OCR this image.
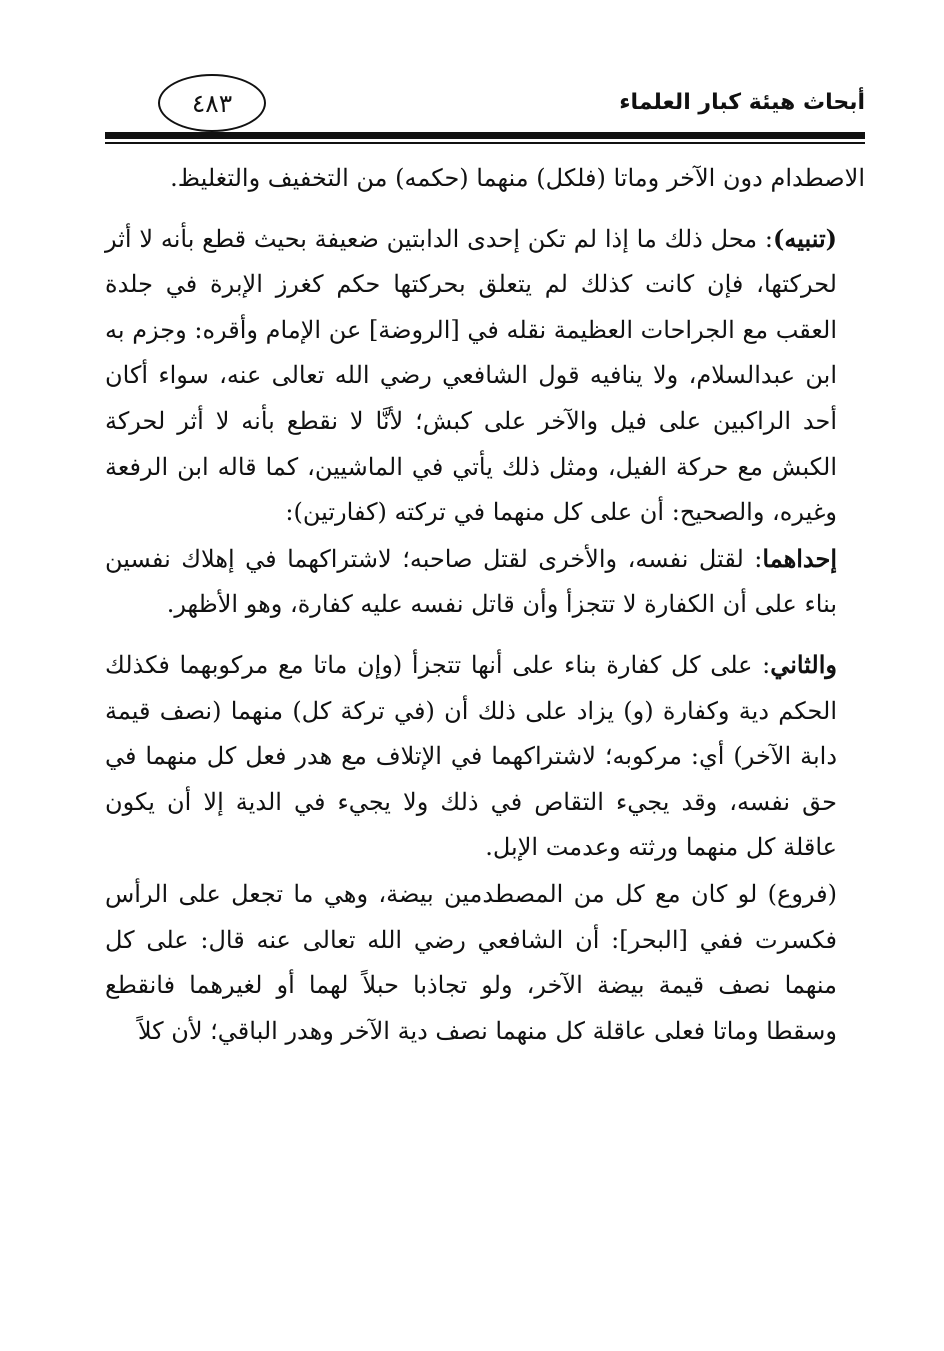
أبحاث هيئة كبار العلماء
٤٨٣

الاصطدام دون الآخر وماتا (فلكل) منهما (حكمه) من التخفيف والتغليظ.

(تنبيه): محل ذلك ما إذا لم تكن إحدى الدابتين ضعيفة بحيث قطع بأنه لا أثر لحركتها، فإن كانت كذلك لم يتعلق بحركتها حكم كغرز الإبرة في جلدة العقب مع الجراحات العظيمة نقله في [الروضة] عن الإمام وأقره: وجزم به ابن عبدالسلام، ولا ينافيه قول الشافعي رضي الله تعالى عنه، سواء أكان أحد الراكبين على فيل والآخر على كبش؛ لأنَّا لا نقطع بأنه لا أثر لحركة الكبش مع حركة الفيل، ومثل ذلك يأتي في الماشيين، كما قاله ابن الرفعة وغيره، والصحيح: أن على كل منهما في تركته (كفارتين):

إحداهما: لقتل نفسه، والأخرى لقتل صاحبه؛ لاشتراكهما في إهلاك نفسين بناء على أن الكفارة لا تتجزأ وأن قاتل نفسه عليه كفارة، وهو الأظهر.

والثاني: على كل كفارة بناء على أنها تتجزأ (وإن ماتا مع مركوبهما فكذلك الحكم دية وكفارة (و) يزاد على ذلك أن (في تركة كل) منهما (نصف قيمة دابة الآخر) أي: مركوبه؛ لاشتراكهما في الإتلاف مع هدر فعل كل منهما في حق نفسه، وقد يجيء التقاص في ذلك ولا يجيء في الدية إلا أن يكون عاقلة كل منهما ورثته وعدمت الإبل.

(فروع) لو كان مع كل من المصطدمين بيضة، وهي ما تجعل على الرأس فكسرت ففي [البحر]: أن الشافعي رضي الله تعالى عنه قال: على كل منهما نصف قيمة بيضة الآخر، ولو تجاذبا حبلاً لهما أو لغيرهما فانقطع وسقطا وماتا فعلى عاقلة كل منهما نصف دية الآخر وهدر الباقي؛ لأن كلاً
